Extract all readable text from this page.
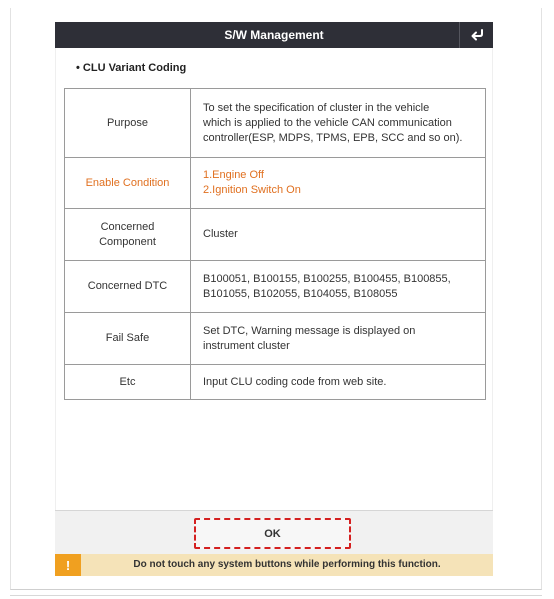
S/W Management
• CLU Variant Coding
Purpose	To set the specification of cluster in the vehicle
which is applied to the vehicle CAN communication
controller(ESP, MDPS, TPMS, EPB, SCC and so on).

Enable Condition	1.Engine Off
2.Ignition Switch On

Concerned
Component	Cluster

Concerned DTC	B100051, B100155, B100255, B100455, B100855,
B101055, B102055, B104055, B108055

Fail Safe	Set DTC, Warning message is displayed on
instrument cluster

Etc	Input CLU coding code from web site.
OK
!	Do not touch any system buttons while performing this function.
